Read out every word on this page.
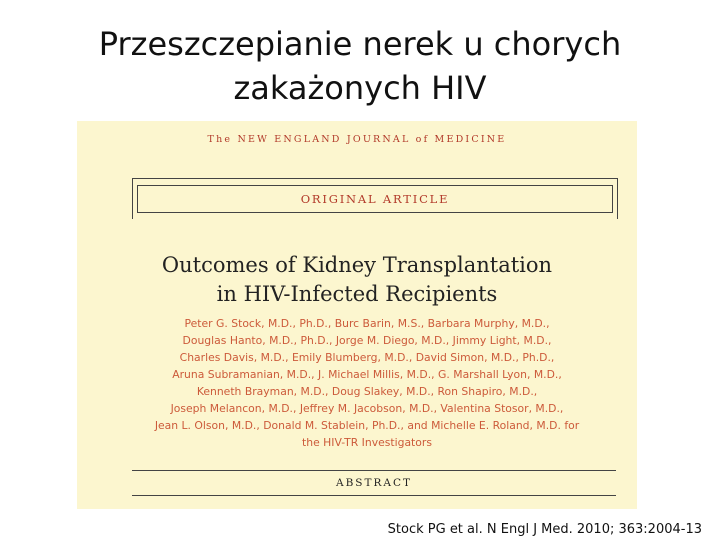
Przeszczepianie nerek u chorych
zakażonych HIV
The NEW ENGLAND JOURNAL of MEDICINE
ORIGINAL ARTICLE
Outcomes of Kidney Transplantation
in HIV-Infected Recipients
Peter G. Stock, M.D., Ph.D., Burc Barin, M.S., Barbara Murphy, M.D.,
Douglas Hanto, M.D., Ph.D., Jorge M. Diego, M.D., Jimmy Light, M.D.,
Charles Davis, M.D., Emily Blumberg, M.D., David Simon, M.D., Ph.D.,
Aruna Subramanian, M.D., J. Michael Millis, M.D., G. Marshall Lyon, M.D.,
Kenneth Brayman, M.D., Doug Slakey, M.D., Ron Shapiro, M.D.,
Joseph Melancon, M.D., Jeffrey M. Jacobson, M.D., Valentina Stosor, M.D.,
Jean L. Olson, M.D., Donald M. Stablein, Ph.D., and Michelle E. Roland, M.D. for
the HIV-TR Investigators
ABSTRACT
Stock PG et al. N Engl J Med. 2010; 363:2004-13
